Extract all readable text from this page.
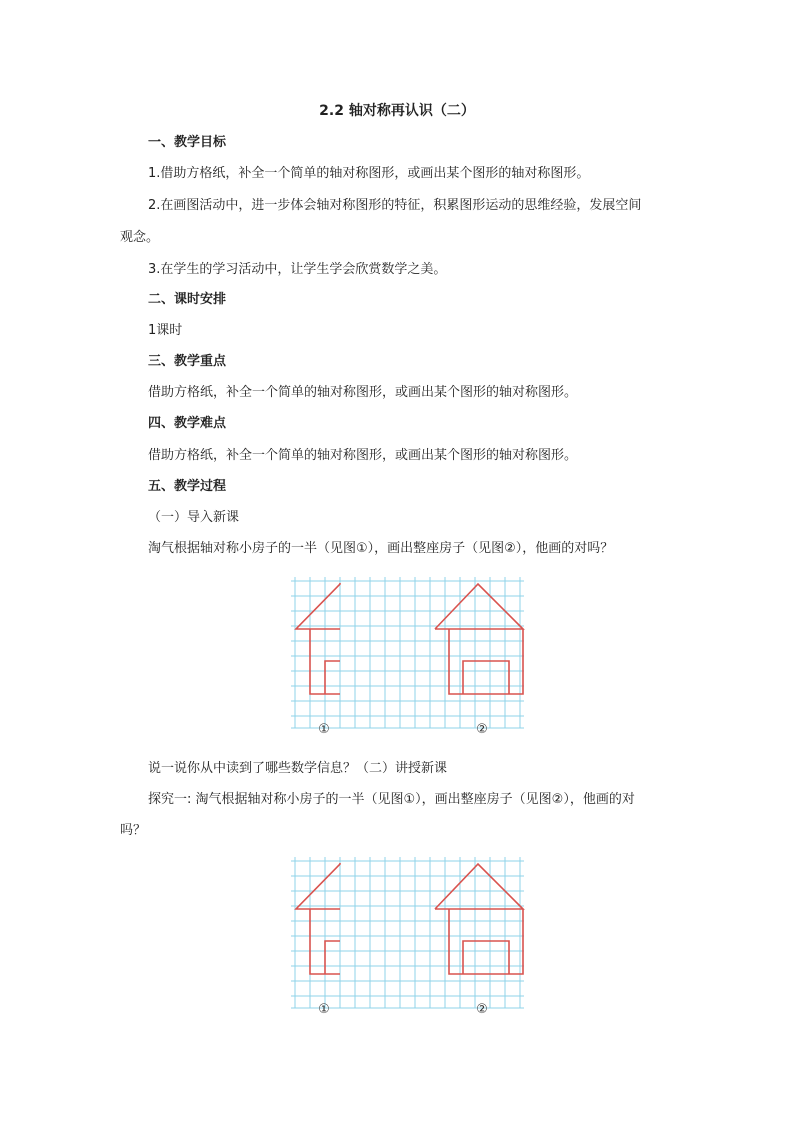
2.2 轴对称再认识（二）
一、教学目标
1.借助方格纸，补全一个简单的轴对称图形，或画出某个图形的轴对称图形。
2.在画图活动中，进一步体会轴对称图形的特征，积累图形运动的思维经验，发展空间
观念。
3.在学生的学习活动中，让学生学会欣赏数学之美。
二、课时安排
1课时
三、教学重点
借助方格纸，补全一个简单的轴对称图形，或画出某个图形的轴对称图形。
四、教学难点
借助方格纸，补全一个简单的轴对称图形，或画出某个图形的轴对称图形。
五、教学过程
（一）导入新课
淘气根据轴对称小房子的一半（见图①），画出整座房子（见图②），他画的对吗？
①	②
说一说你从中读到了哪些数学信息？（二）讲授新课
探究一: 淘气根据轴对称小房子的一半（见图①），画出整座房子（见图②），他画的对
吗？
①	②
